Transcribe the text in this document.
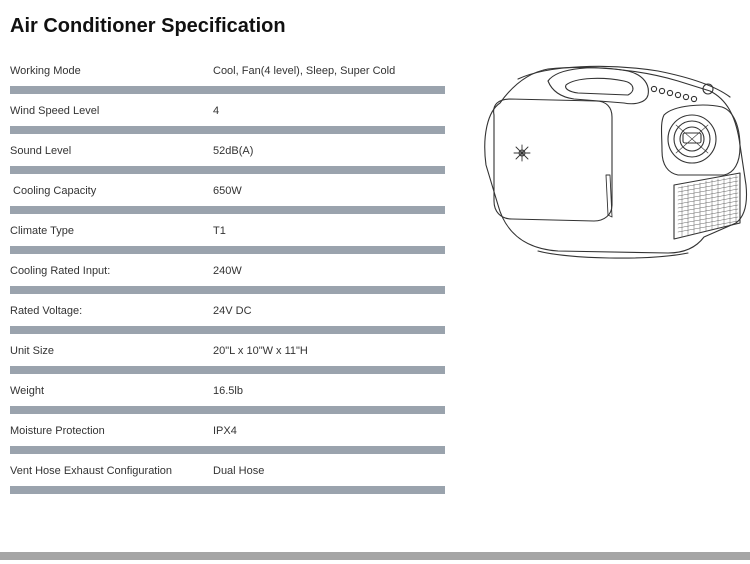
Air Conditioner Specification
Working Mode	Cool, Fan(4 level), Sleep, Super Cold
Wind Speed Level	4
Sound Level	52dB(A)
Cooling Capacity	650W
Climate Type	T1
Cooling Rated Input:	240W
Rated Voltage:	24V DC
Unit Size	20"L x 10"W x 11"H
Weight	16.5lb
Moisture Protection	IPX4
Vent Hose Exhaust Configuration	Dual Hose
